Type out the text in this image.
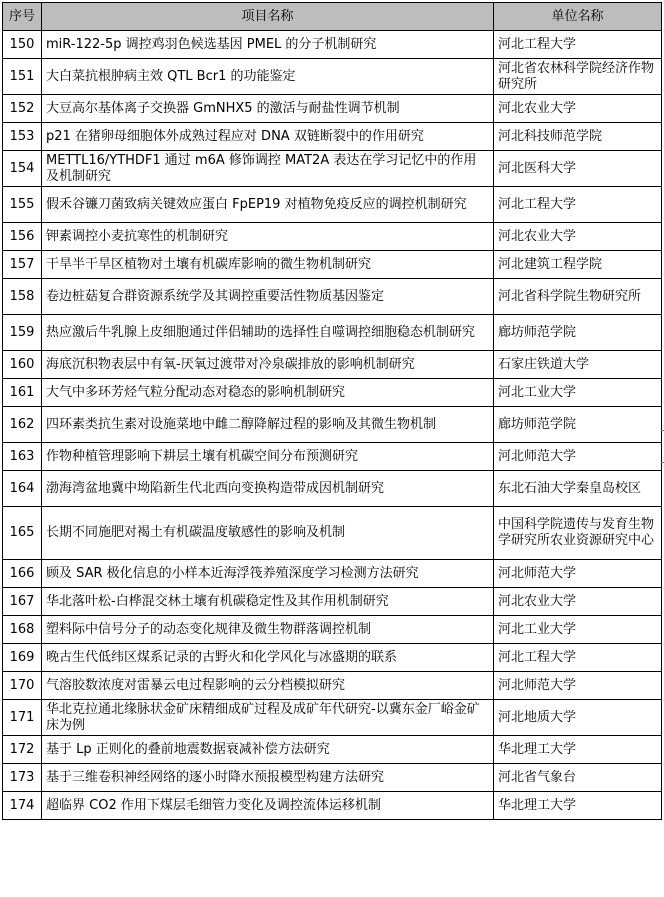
序号	项目名称	单位名称
150	miR-122-5p 调控鸡羽色候选基因 PMEL 的分子机制研究	河北工程大学
151	大白菜抗根肿病主效 QTL Bcr1 的功能鉴定	河北省农林科学院经济作物研究所
152	大豆高尔基体离子交换器 GmNHX5 的激活与耐盐性调节机制	河北农业大学
153	p21 在猪卵母细胞体外成熟过程应对 DNA 双链断裂中的作用研究	河北科技师范学院
154	METTL16/YTHDF1 通过 m6A 修饰调控 MAT2A 表达在学习记忆中的作用及机制研究	河北医科大学
155	假禾谷镰刀菌致病关键效应蛋白 FpEP19 对植物免疫反应的调控机制研究	河北工程大学
156	钾素调控小麦抗寒性的机制研究	河北农业大学
157	干旱半干旱区植物对土壤有机碳库影响的微生物机制研究	河北建筑工程学院
158	卷边桩菇复合群资源系统学及其调控重要活性物质基因鉴定	河北省科学院生物研究所
159	热应激后牛乳腺上皮细胞通过伴侣辅助的选择性自噬调控细胞稳态机制研究	廊坊师范学院
160	海底沉积物表层中有氧-厌氧过渡带对冷泉碳排放的影响机制研究	石家庄铁道大学
161	大气中多环芳烃气粒分配动态对稳态的影响机制研究	河北工业大学
162	四环素类抗生素对设施菜地中雌二醇降解过程的影响及其微生物机制	廊坊师范学院
163	作物种植管理影响下耕层土壤有机碳空间分布预测研究	河北师范大学
164	渤海湾盆地冀中坳陷新生代北西向变换构造带成因机制研究	东北石油大学秦皇岛校区
165	长期不同施肥对褐土有机碳温度敏感性的影响及机制	中国科学院遗传与发育生物学研究所农业资源研究中心
166	顾及 SAR 极化信息的小样本近海浮筏养殖深度学习检测方法研究	河北师范大学
167	华北落叶松-白桦混交林土壤有机碳稳定性及其作用机制研究	河北农业大学
168	塑料际中信号分子的动态变化规律及微生物群落调控机制	河北工业大学
169	晚古生代低纬区煤系记录的古野火和化学风化与冰盛期的联系	河北工程大学
170	气溶胶数浓度对雷暴云电过程影响的云分档模拟研究	河北师范大学
171	华北克拉通北缘脉状金矿床精细成矿过程及成矿年代研究-以冀东金厂峪金矿床为例	河北地质大学
172	基于 Lp 正则化的叠前地震数据衰减补偿方法研究	华北理工大学
173	基于三维卷积神经网络的逐小时降水预报模型构建方法研究	河北省气象台
174	超临界 CO2 作用下煤层毛细管力变化及调控流体运移机制	华北理工大学
